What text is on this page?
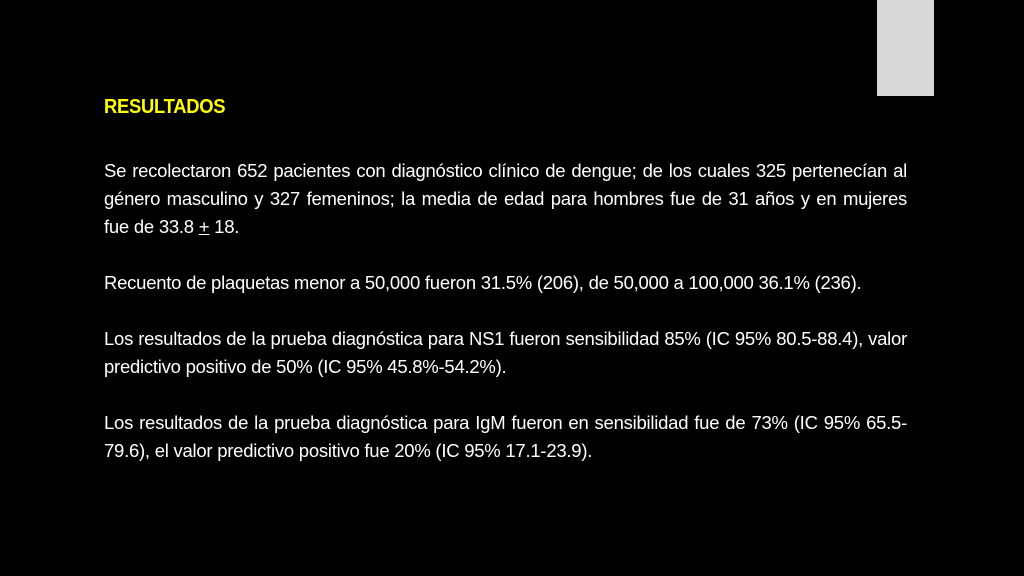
RESULTADOS

Se recolectaron 652 pacientes con diagnóstico clínico de dengue; de los cuales 325 pertenecían al género masculino y 327 femeninos; la media de edad para hombres fue de 31 años y en mujeres fue de 33.8 + 18.

Recuento de plaquetas menor a 50,000 fueron 31.5% (206), de 50,000 a 100,000 36.1% (236).

Los resultados de la prueba diagnóstica para NS1 fueron sensibilidad 85% (IC 95% 80.5-88.4), valor predictivo positivo de 50% (IC 95% 45.8%-54.2%).

Los resultados de la prueba diagnóstica para IgM fueron en sensibilidad fue de 73% (IC 95% 65.5-79.6), el valor predictivo positivo fue 20% (IC 95% 17.1-23.9).
